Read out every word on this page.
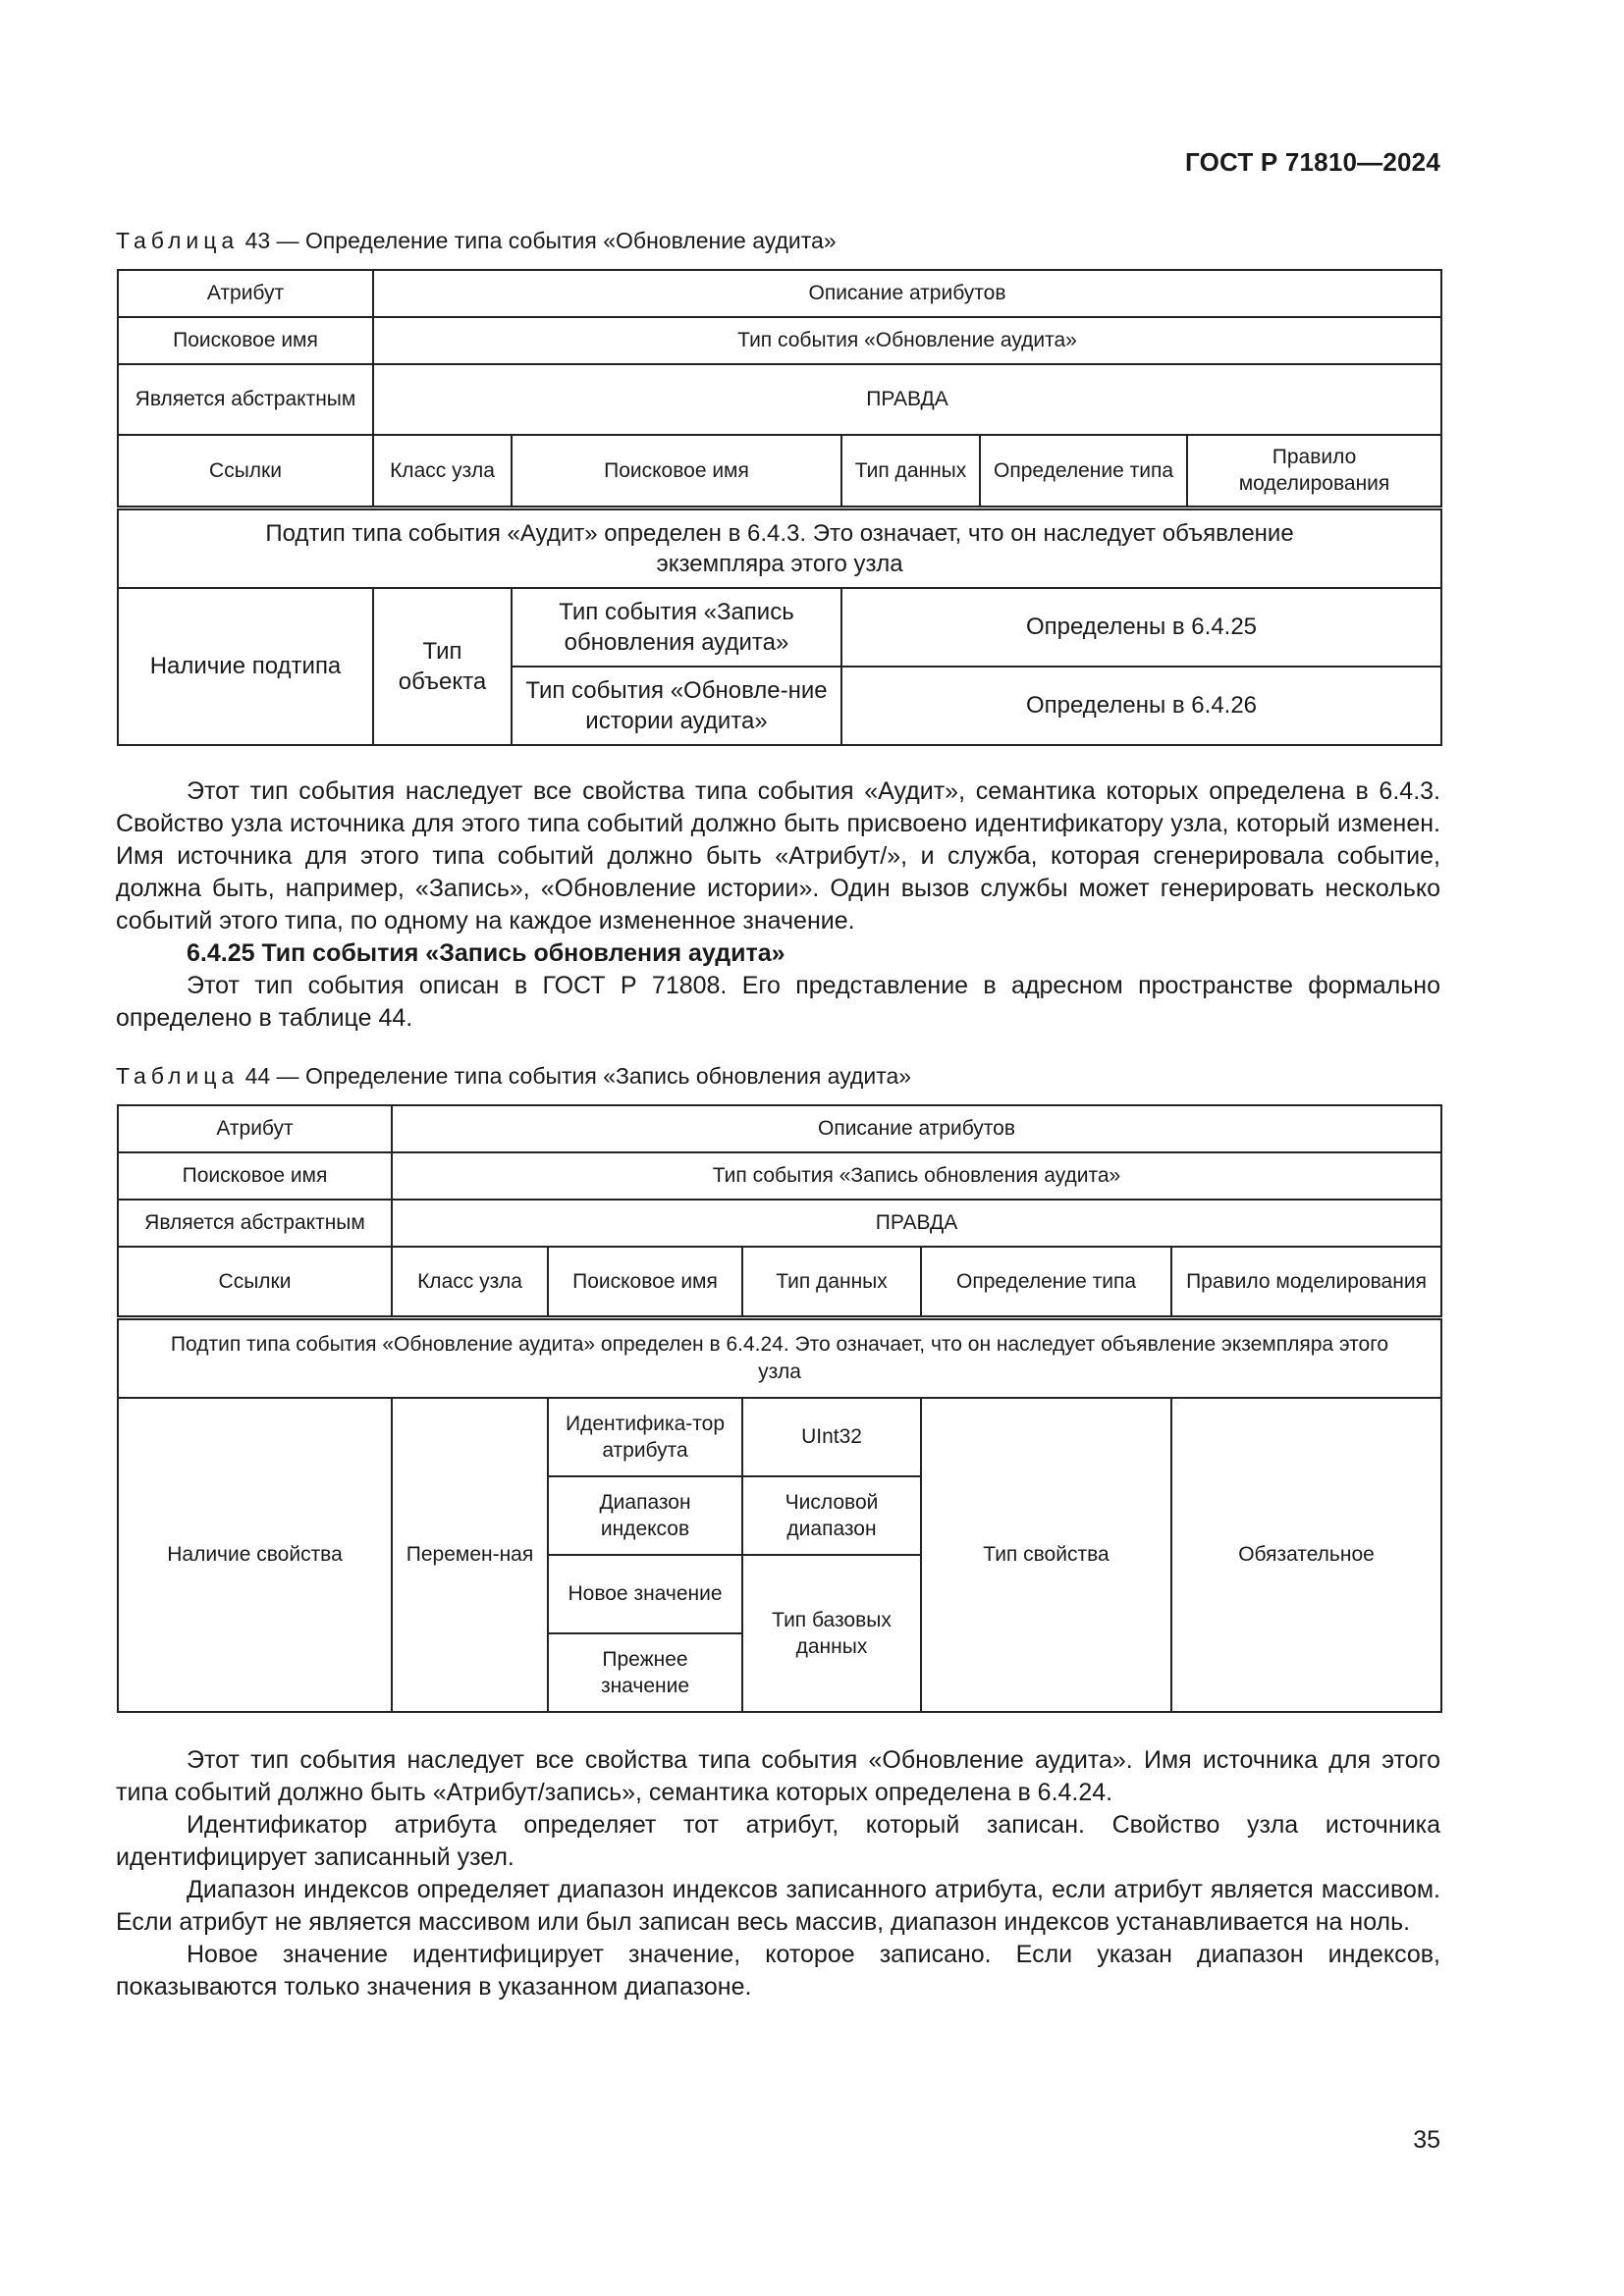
ГОСТ Р 71810—2024
Таблица 43 — Определение типа события «Обновление аудита»
Атрибут	Описание атрибутов				
Поисковое имя	Тип события «Обновление аудита»				
Является абстрактным	ПРАВДА				
Ссылки	Класс узла	Поисковое имя	Тип данных	Определение типа	Правило моделирования
Подтип типа события «Аудит» определен в 6.4.3. Это означает, что он наследует объявление экземпляра этого узла					
Наличие подтипа	Тип объекта	Тип события «Запись обновления аудита»	Определены в 6.4.25		
		Тип события «Обновле-ние истории аудита»	Определены в 6.4.26		

Этот тип события наследует все свойства типа события «Аудит», семантика которых определена в 6.4.3. Свойство узла источника для этого типа событий должно быть присвоено идентификатору узла, который изменен. Имя источника для этого типа событий должно быть «Атрибут/», и служба, которая сгенерировала событие, должна быть, например, «Запись», «Обновление истории». Один вызов службы может генерировать несколько событий этого типа, по одному на каждое измененное значение.

6.4.25 Тип события «Запись обновления аудита»

Этот тип события описан в ГОСТ Р 71808. Его представление в адресном пространстве формально определено в таблице 44.

Таблица 44 — Определение типа события «Запись обновления аудита»
Атрибут	Описание атрибутов				
Поисковое имя	Тип события «Запись обновления аудита»				
Является абстрактным	ПРАВДА				
Ссылки	Класс узла	Поисковое имя	Тип данных	Определение типа	Правило моделирования
Подтип типа события «Обновление аудита» определен в 6.4.24. Это означает, что он наследует объявление экземпляра этого узла					
Наличие свойства	Перемен-ная	Идентифика-тор атрибута	UInt32	Тип свойства	Обязательное
		Диапазон индексов	Числовой диапазон		
		Новое значение	Тип базовых данных		
		Прежнее значение			

Этот тип события наследует все свойства типа события «Обновление аудита». Имя источника для этого типа событий должно быть «Атрибут/запись», семантика которых определена в 6.4.24.

Идентификатор атрибута определяет тот атрибут, который записан. Свойство узла источника идентифицирует записанный узел.

Диапазон индексов определяет диапазон индексов записанного атрибута, если атрибут является массивом. Если атрибут не является массивом или был записан весь массив, диапазон индексов устанавливается на ноль.

Новое значение идентифицирует значение, которое записано. Если указан диапазон индексов, показываются только значения в указанном диапазоне.

35
